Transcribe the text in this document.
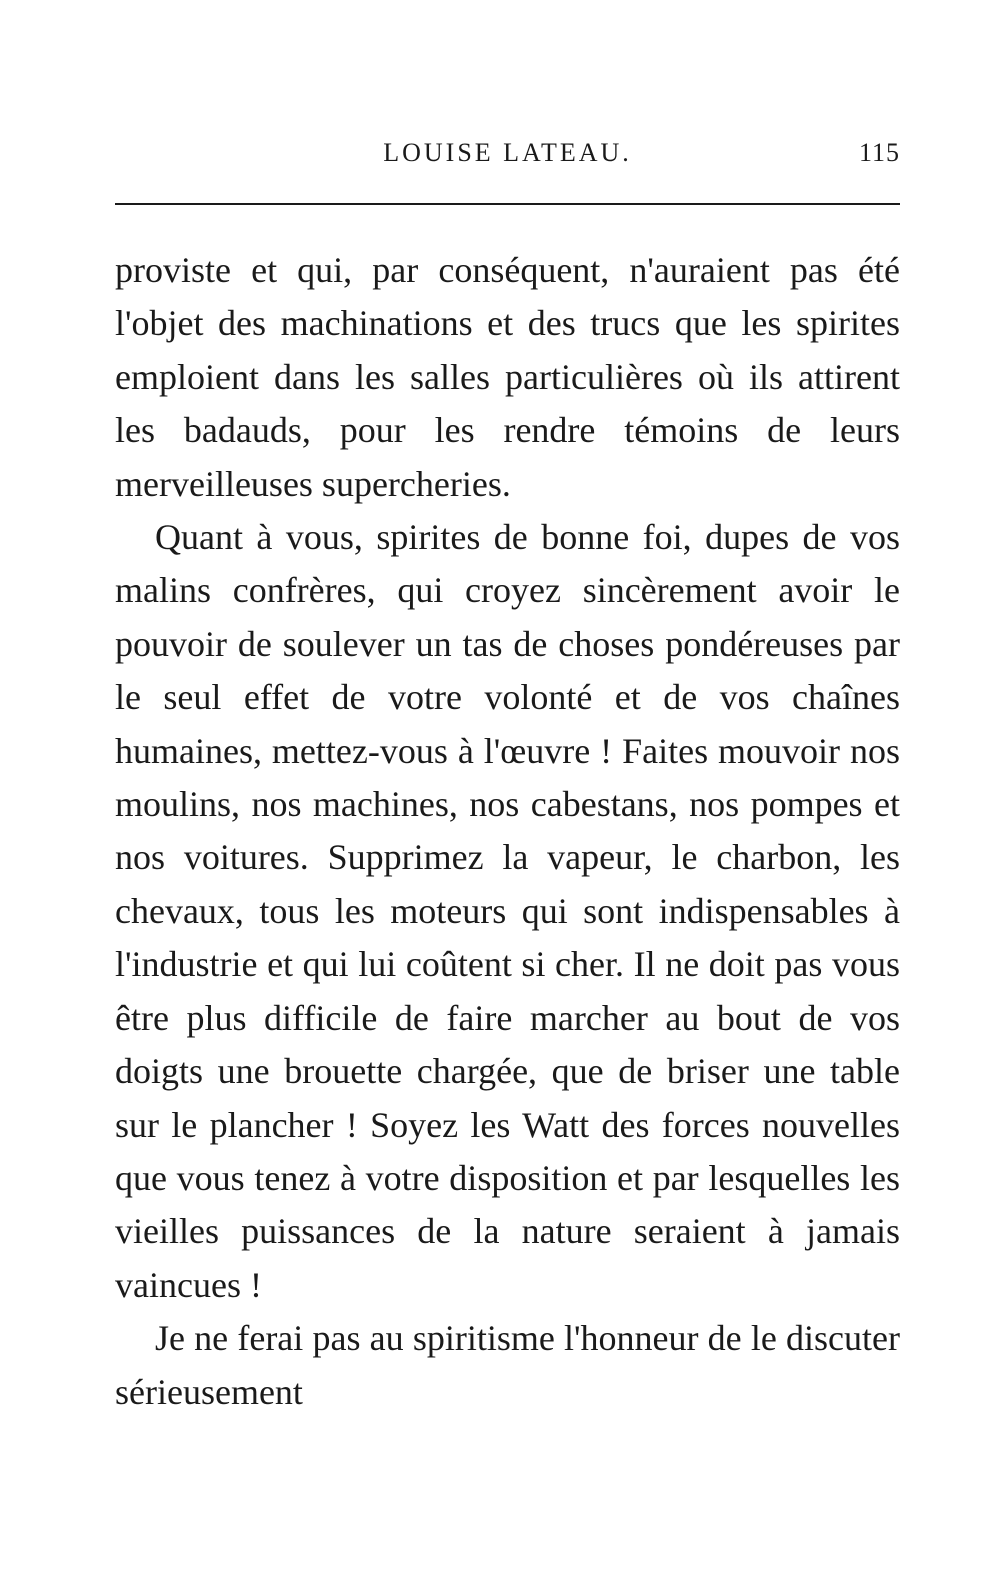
LOUISE LATEAU.	115

proviste et qui, par conséquent, n'auraient pas été l'objet des machinations et des trucs que les spirites emploient dans les salles particulières où ils attirent les badauds, pour les rendre témoins de leurs merveilleuses supercheries.

Quant à vous, spirites de bonne foi, dupes de vos malins confrères, qui croyez sincèrement avoir le pouvoir de soulever un tas de choses pondéreuses par le seul effet de votre volonté et de vos chaînes humaines, mettez-vous à l'œuvre ! Faites mouvoir nos moulins, nos machines, nos cabestans, nos pompes et nos voitures. Supprimez la vapeur, le charbon, les chevaux, tous les moteurs qui sont indispensables à l'industrie et qui lui coûtent si cher. Il ne doit pas vous être plus difficile de faire marcher au bout de vos doigts une brouette chargée, que de briser une table sur le plancher ! Soyez les Watt des forces nouvelles que vous tenez à votre disposition et par lesquelles les vieilles puissances de la nature seraient à jamais vaincues !

Je ne ferai pas au spiritisme l'honneur de le discuter sérieusement
